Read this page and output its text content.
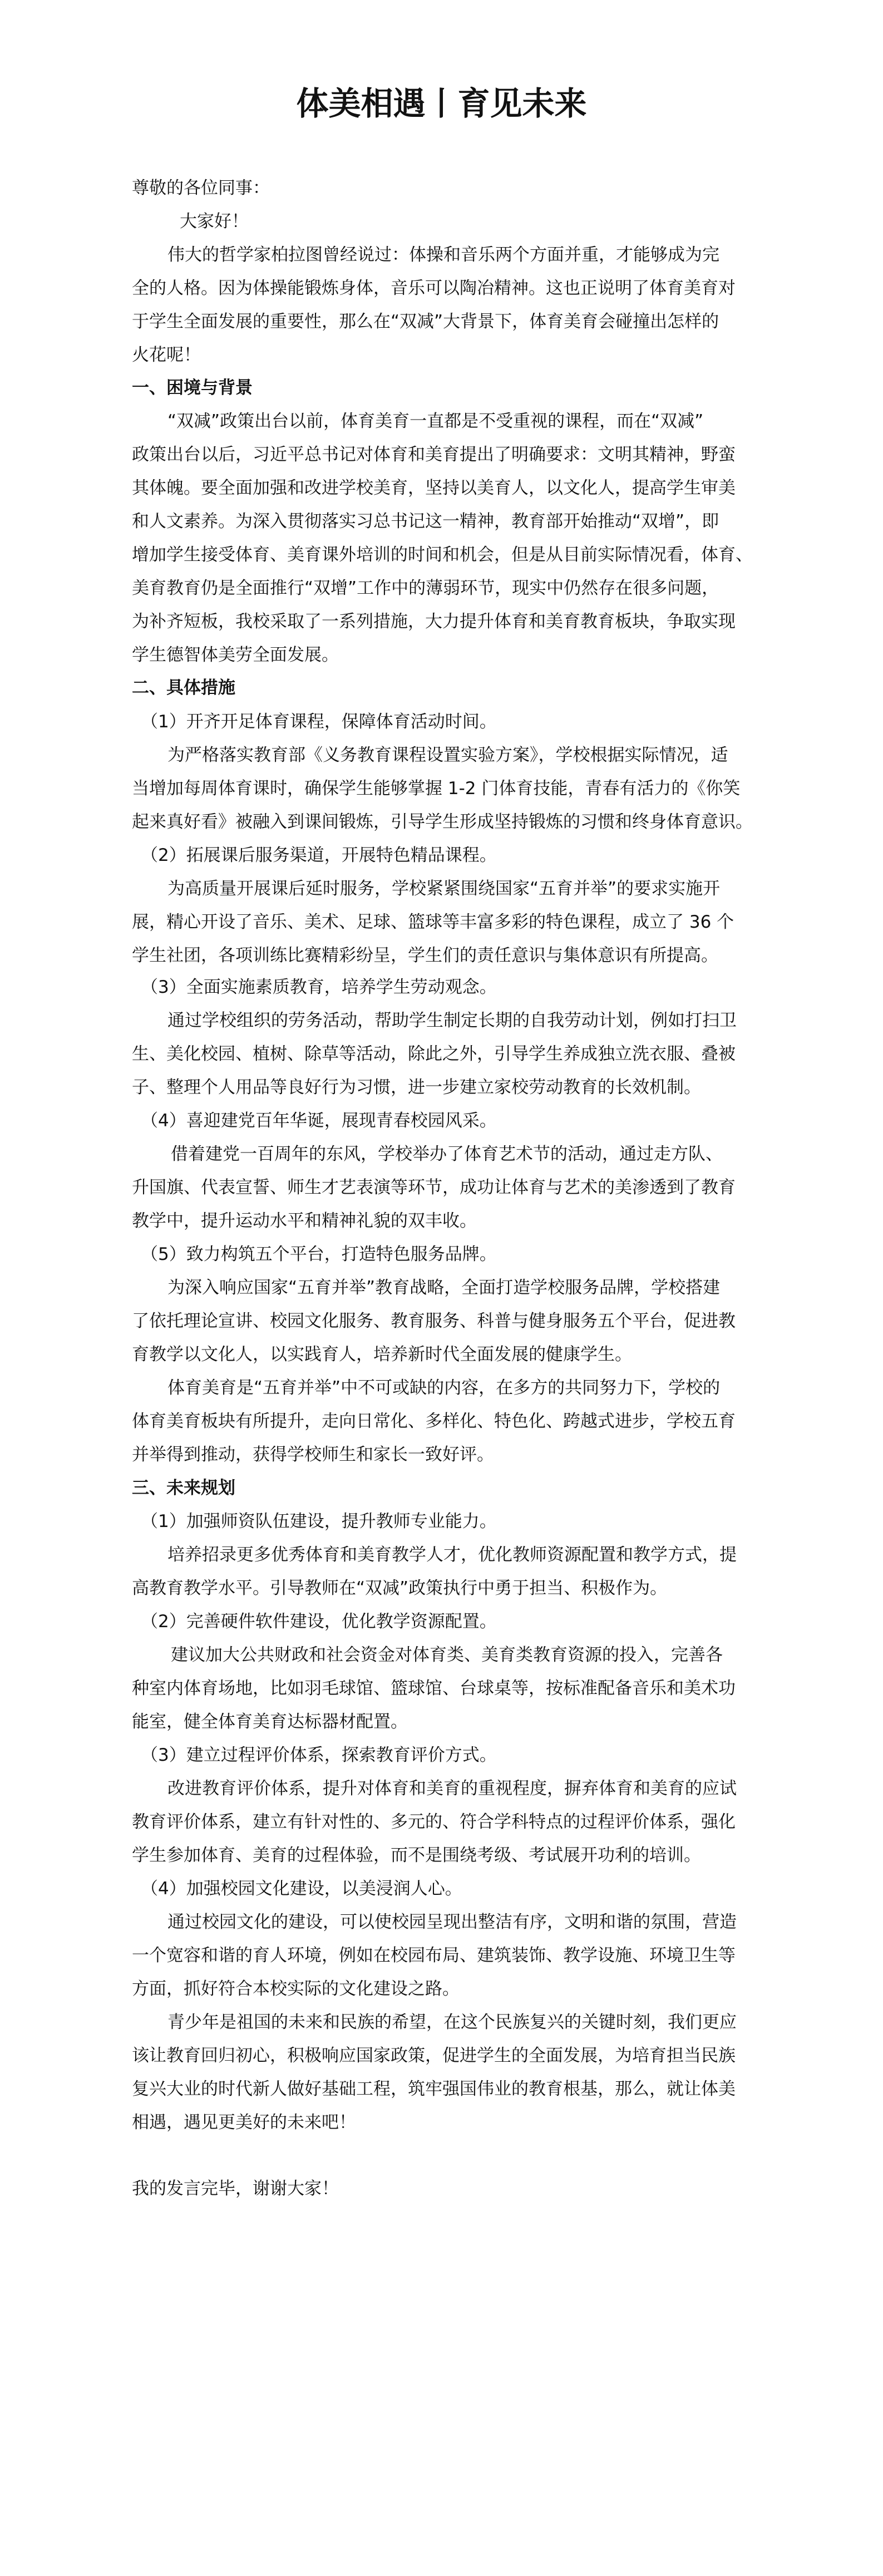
体美相遇丨育见未来
尊敬的各位同事：
大家好！
伟大的哲学家柏拉图曾经说过：体操和音乐两个方面并重，才能够成为完
全的人格。因为体操能锻炼身体，音乐可以陶冶精神。这也正说明了体育美育对
于学生全面发展的重要性，那么在“双减”大背景下，体育美育会碰撞出怎样的
火花呢！
一、困境与背景
“双减”政策出台以前，体育美育一直都是不受重视的课程，而在“双减”
政策出台以后，习近平总书记对体育和美育提出了明确要求：文明其精神，野蛮
其体魄。要全面加强和改进学校美育，坚持以美育人，以文化人，提高学生审美
和人文素养。为深入贯彻落实习总书记这一精神，教育部开始推动“双增”，即
增加学生接受体育、美育课外培训的时间和机会，但是从目前实际情况看，体育、
美育教育仍是全面推行“双增”工作中的薄弱环节，现实中仍然存在很多问题，
为补齐短板，我校采取了一系列措施，大力提升体育和美育教育板块，争取实现
学生德智体美劳全面发展。
二、具体措施
（1）开齐开足体育课程，保障体育活动时间。
为严格落实教育部《义务教育课程设置实验方案》，学校根据实际情况，适
当增加每周体育课时，确保学生能够掌握 1-2 门体育技能，青春有活力的《你笑
起来真好看》被融入到课间锻炼，引导学生形成坚持锻炼的习惯和终身体育意识。
（2）拓展课后服务渠道，开展特色精品课程。
为高质量开展课后延时服务，学校紧紧围绕国家“五育并举”的要求实施开
展，精心开设了音乐、美术、足球、篮球等丰富多彩的特色课程，成立了 36 个
学生社团，各项训练比赛精彩纷呈，学生们的责任意识与集体意识有所提高。
（3）全面实施素质教育，培养学生劳动观念。
通过学校组织的劳务活动，帮助学生制定长期的自我劳动计划，例如打扫卫
生、美化校园、植树、除草等活动，除此之外，引导学生养成独立洗衣服、叠被
子、整理个人用品等良好行为习惯，进一步建立家校劳动教育的长效机制。
（4）喜迎建党百年华诞，展现青春校园风采。
借着建党一百周年的东风，学校举办了体育艺术节的活动，通过走方队、
升国旗、代表宣誓、师生才艺表演等环节，成功让体育与艺术的美渗透到了教育
教学中，提升运动水平和精神礼貌的双丰收。
（5）致力构筑五个平台，打造特色服务品牌。
为深入响应国家“五育并举”教育战略，全面打造学校服务品牌，学校搭建
了依托理论宣讲、校园文化服务、教育服务、科普与健身服务五个平台，促进教
育教学以文化人，以实践育人，培养新时代全面发展的健康学生。
体育美育是“五育并举”中不可或缺的内容，在多方的共同努力下，学校的
体育美育板块有所提升，走向日常化、多样化、特色化、跨越式进步，学校五育
并举得到推动，获得学校师生和家长一致好评。
三、未来规划
（1）加强师资队伍建设，提升教师专业能力。
培养招录更多优秀体育和美育教学人才，优化教师资源配置和教学方式，提
高教育教学水平。引导教师在“双减”政策执行中勇于担当、积极作为。
（2）完善硬件软件建设，优化教学资源配置。
建议加大公共财政和社会资金对体育类、美育类教育资源的投入，完善各
种室内体育场地，比如羽毛球馆、篮球馆、台球桌等，按标准配备音乐和美术功
能室，健全体育美育达标器材配置。
（3）建立过程评价体系，探索教育评价方式。
改进教育评价体系，提升对体育和美育的重视程度，摒弃体育和美育的应试
教育评价体系，建立有针对性的、多元的、符合学科特点的过程评价体系，强化
学生参加体育、美育的过程体验，而不是围绕考级、考试展开功利的培训。
（4）加强校园文化建设，以美浸润人心。
通过校园文化的建设，可以使校园呈现出整洁有序，文明和谐的氛围，营造
一个宽容和谐的育人环境，例如在校园布局、建筑装饰、教学设施、环境卫生等
方面，抓好符合本校实际的文化建设之路。
青少年是祖国的未来和民族的希望，在这个民族复兴的关键时刻，我们更应
该让教育回归初心，积极响应国家政策，促进学生的全面发展，为培育担当民族
复兴大业的时代新人做好基础工程，筑牢强国伟业的教育根基，那么，就让体美
相遇，遇见更美好的未来吧！
我的发言完毕，谢谢大家！
